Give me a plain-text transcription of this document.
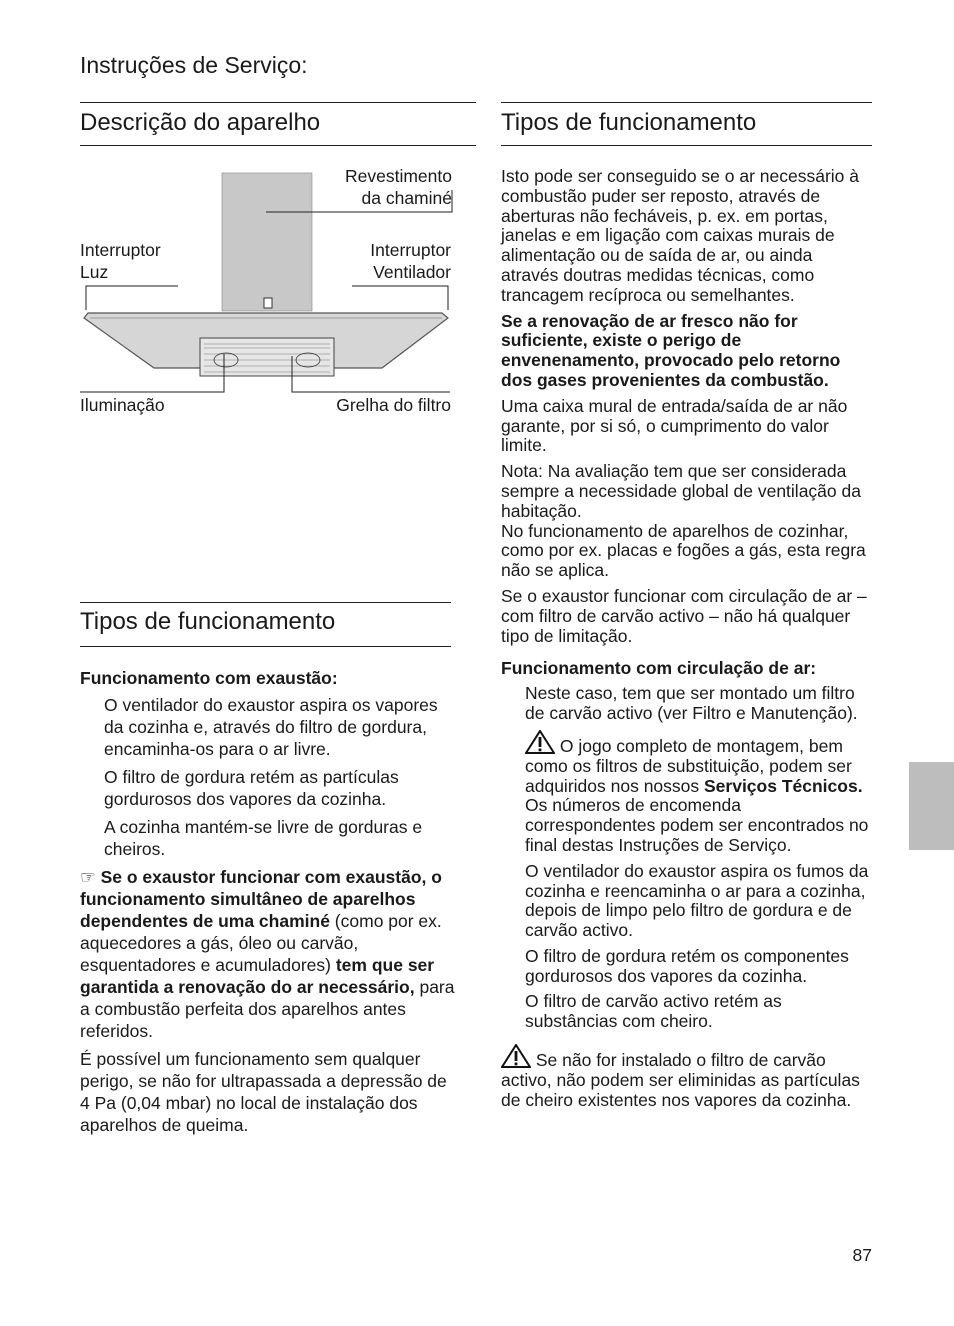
Instruções de Serviço:
Descrição do aparelho
Revestimento
da chaminé
Interruptor
Luz
Interruptor
Ventilador
Iluminação	Grelha do filtro
Tipos de funcionamento

Funcionamento com exaustão:

O ventilador do exaustor aspira os vapores da cozinha e, através do filtro de gordura, encaminha-os para o ar livre.

O filtro de gordura retém as partículas gordurosos dos vapores da cozinha.

A cozinha mantém-se livre de gorduras e cheiros.

☞ Se o exaustor funcionar com exaustão, o funcionamento simultâneo de aparelhos dependentes de uma chaminé (como por ex. aquecedores a gás, óleo ou carvão, esquentadores e acumuladores) tem que ser garantida a renovação do ar necessário, para a combustão perfeita dos aparelhos antes referidos.

É possível um funcionamento sem qualquer perigo, se não for ultrapassada a depressão de 4 Pa (0,04 mbar) no local de instalação dos aparelhos de queima.

Tipos de funcionamento

Isto pode ser conseguido se o ar necessário à combustão puder ser reposto, através de aberturas não fecháveis, p. ex. em portas, janelas e em ligação com caixas murais de alimentação ou de saída de ar, ou ainda através doutras medidas técnicas, como trancagem recíproca ou semelhantes.

Se a renovação de ar fresco não for suficiente, existe o perigo de envenenamento, provocado pelo retorno dos gases provenientes da combustão.

Uma caixa mural de entrada/saída de ar não garante, por si só, o cumprimento do valor limite.

Nota: Na avaliação tem que ser considerada sempre a necessidade global de ventilação da habitação.
No funcionamento de aparelhos de cozinhar, como por ex. placas e fogões a gás, esta regra não se aplica.

Se o exaustor funcionar com circulação de ar – com filtro de carvão activo – não há qualquer tipo de limitação.

Funcionamento com circulação de ar:

Neste caso, tem que ser montado um filtro de carvão activo (ver Filtro e Manutenção).

O jogo completo de montagem, bem como os filtros de substituição, podem ser adquiridos nos nossos Serviços Técnicos.
Os números de encomenda correspondentes podem ser encontrados no final destas Instruções de Serviço.

O ventilador do exaustor aspira os fumos da cozinha e reencaminha o ar para a cozinha, depois de limpo pelo filtro de gordura e de carvão activo.

O filtro de gordura retém os componentes gordurosos dos vapores da cozinha.

O filtro de carvão activo retém as substâncias com cheiro.

Se não for instalado o filtro de carvão activo, não podem ser eliminidas as partículas de cheiro existentes nos vapores da cozinha.

87
